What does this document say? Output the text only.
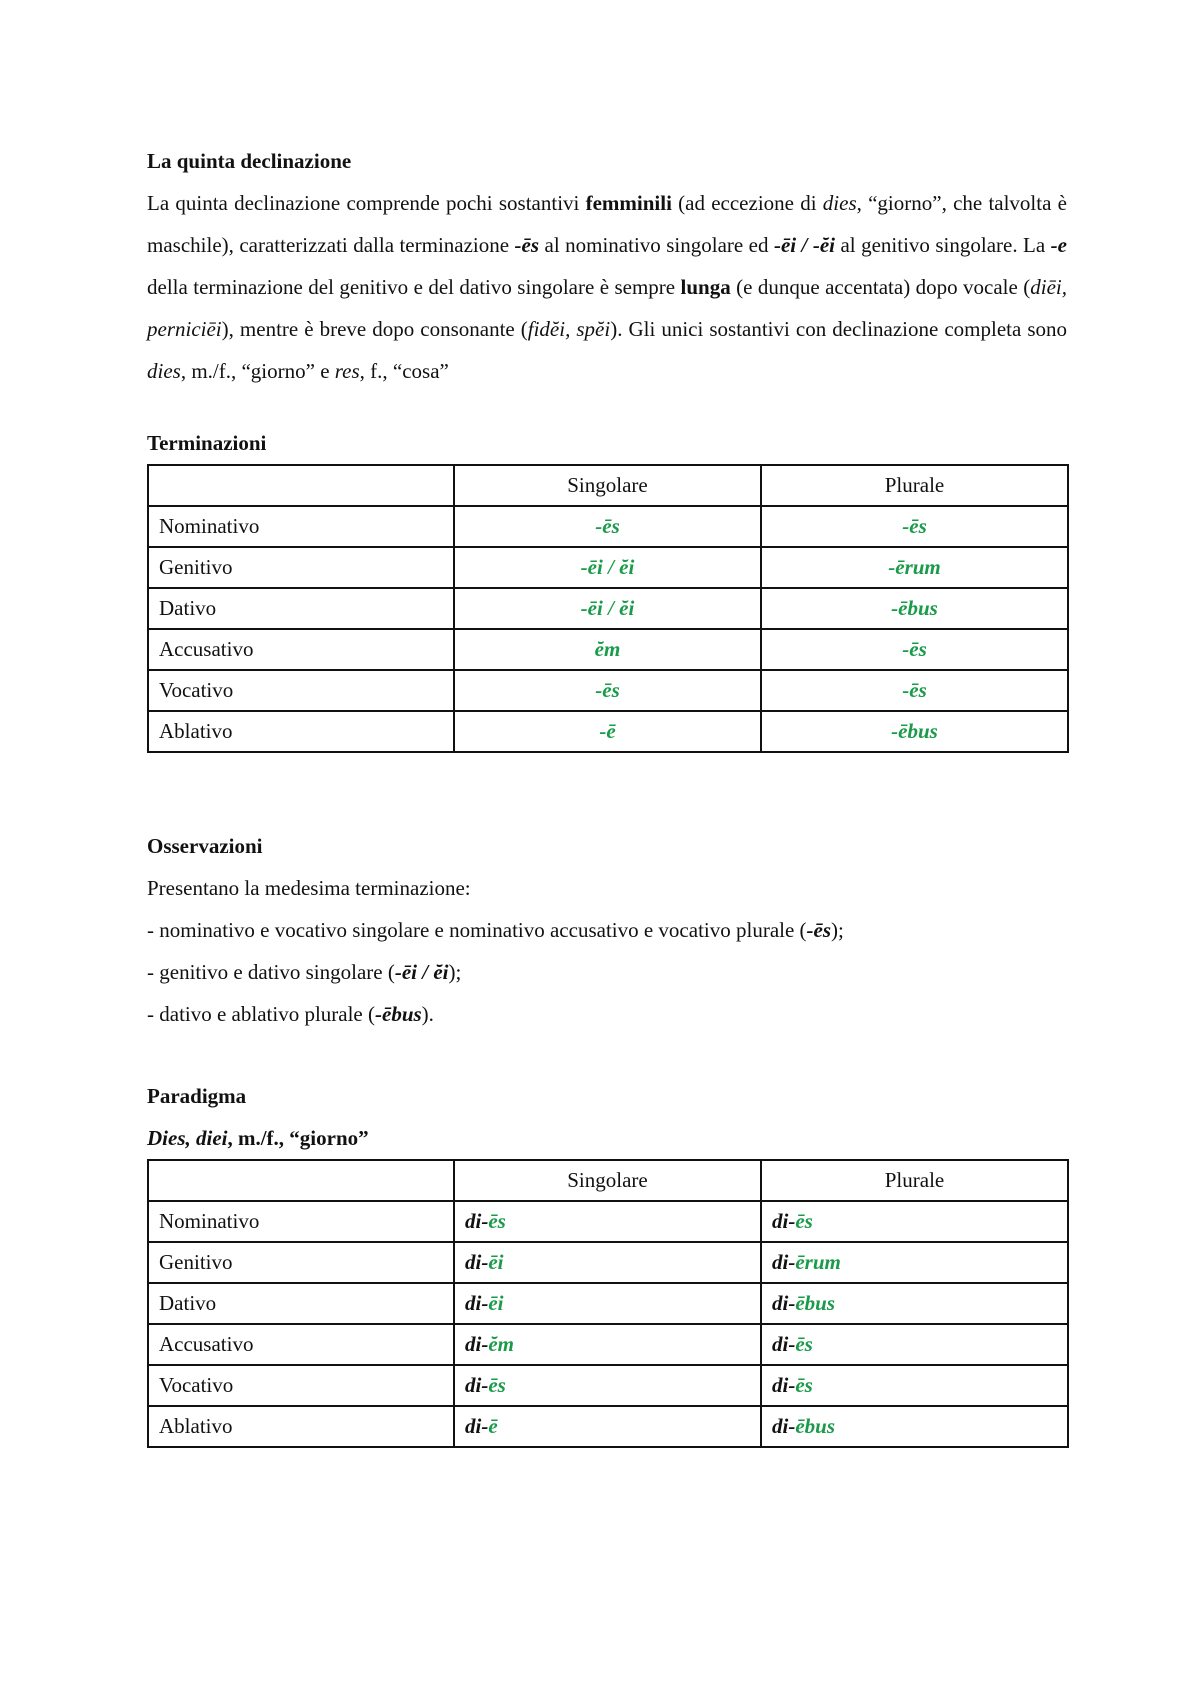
La quinta declinazione

La quinta declinazione comprende pochi sostantivi femminili (ad eccezione di dies, “giorno”, che talvolta è maschile), caratterizzati dalla terminazione -ēs al nominativo singolare ed -ēi / -ĕi al genitivo singolare. La -e della terminazione del genitivo e del dativo singolare è sempre lunga (e dunque accentata) dopo vocale (diēi, perniciēi), mentre è breve dopo consonante (fidĕi, spĕi). Gli unici sostantivi con declinazione completa sono dies, m./f., “giorno” e res, f., “cosa”

Terminazioni
	Singolare	Plurale
Nominativo	-ēs	-ēs
Genitivo	-ēi / ĕi	-ērum
Dativo	-ēi / ĕi	-ēbus
Accusativo	ĕm	-ēs
Vocativo	-ēs	-ēs
Ablativo	-ē	-ēbus
Osservazioni
Presentano la medesima terminazione:
- nominativo e vocativo singolare e nominativo accusativo e vocativo plurale (-ēs);
- genitivo e dativo singolare (-ēi / ĕi);
- dativo e ablativo plurale (-ēbus).
Paradigma
Dies, diei, m./f., “giorno”
	Singolare	Plurale
Nominativo	di-ēs	di-ēs
Genitivo	di-ēi	di-ērum
Dativo	di-ēi	di-ēbus
Accusativo	di-ĕm	di-ēs
Vocativo	di-ēs	di-ēs
Ablativo	di-ē	di-ēbus
